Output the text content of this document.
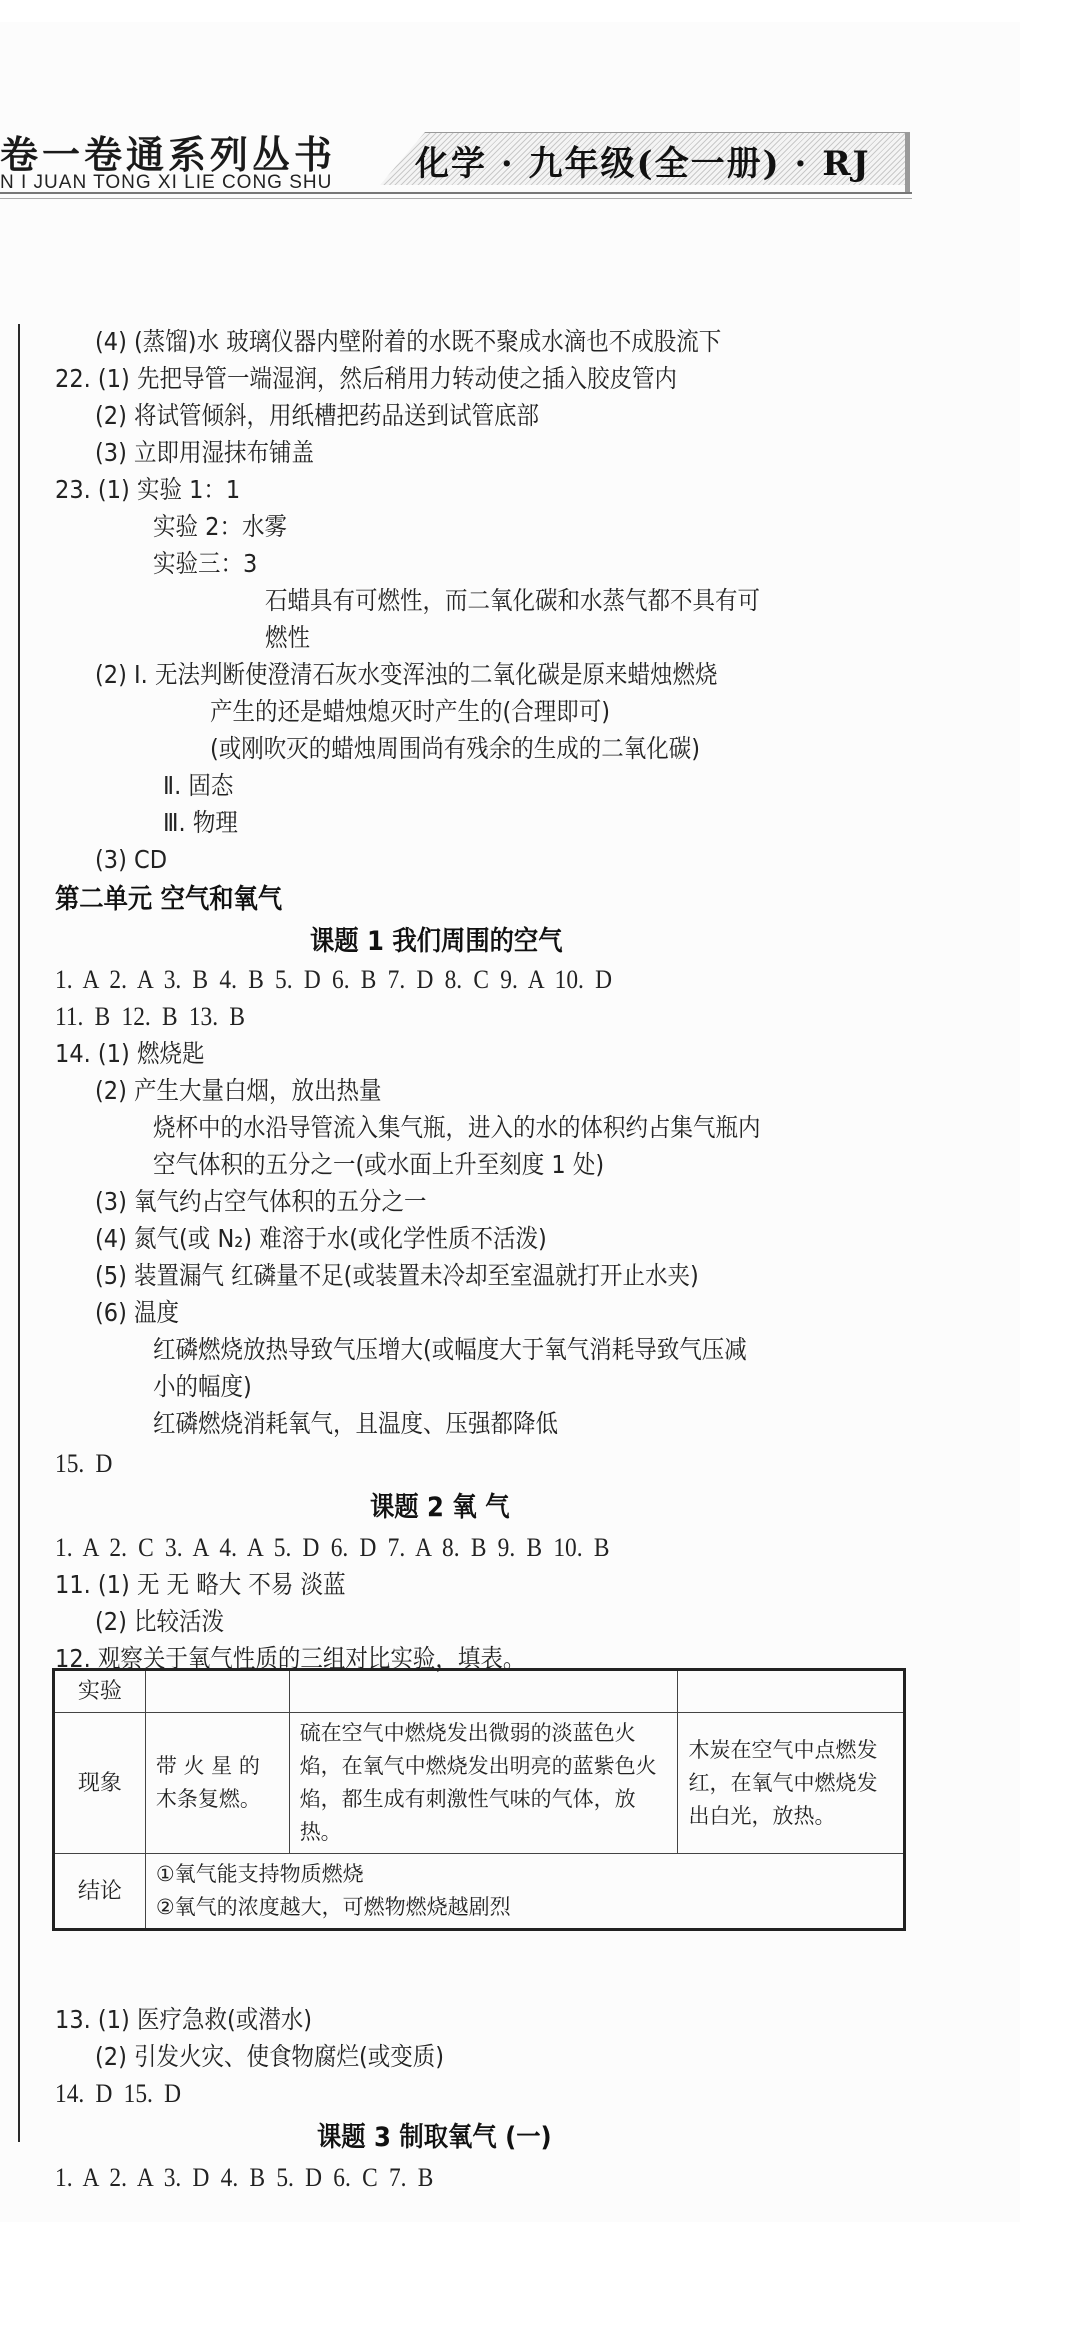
卷一卷通系列丛书
N I JUAN TONG XI LIE CONG SHU 化学 · 九年级(全一册) · RJ
(4) (蒸馏)水 玻璃仪器内壁附着的水既不聚成水滴也不成股流下
22. (1) 先把导管一端湿润，然后稍用力转动使之插入胶皮管内
(2) 将试管倾斜，用纸槽把药品送到试管底部
(3) 立即用湿抹布铺盖
23. (1) 实验 1：1
实验 2：水雾
实验三：3
石蜡具有可燃性，而二氧化碳和水蒸气都不具有可
燃性
(2) Ⅰ. 无法判断使澄清石灰水变浑浊的二氧化碳是原来蜡烛燃烧
产生的还是蜡烛熄灭时产生的(合理即可)
(或刚吹灭的蜡烛周围尚有残余的生成的二氧化碳)
Ⅱ. 固态
Ⅲ. 物理
(3) CD
第二单元 空气和氧气
课题 1 我们周围的空气
1. A 2. A 3. B 4. B 5. D 6. B 7. D 8. C 9. A 10. D
11. B 12. B 13. B
14. (1) 燃烧匙
(2) 产生大量白烟，放出热量
烧杯中的水沿导管流入集气瓶，进入的水的体积约占集气瓶内
空气体积的五分之一(或水面上升至刻度 1 处)
(3) 氧气约占空气体积的五分之一
(4) 氮气(或 N₂) 难溶于水(或化学性质不活泼)
(5) 装置漏气 红磷量不足(或装置未冷却至室温就打开止水夹)
(6) 温度
红磷燃烧放热导致气压增大(或幅度大于氧气消耗导致气压减
小的幅度)
红磷燃烧消耗氧气，且温度、压强都降低
15. D
课题 2 氧 气
1. A 2. C 3. A 4. A 5. D 6. D 7. A 8. B 9. B 10. B
11. (1) 无 无 略大 不易 淡蓝
(2) 比较活泼
12. 观察关于氧气性质的三组对比实验，填表。
实验			
现象	带 火 星 的 木条复燃。	硫在空气中燃烧发出微弱的淡蓝色火焰，在氧气中燃烧发出明亮的蓝紫色火焰，都生成有刺激性气味的气体，放热。	木炭在空气中点燃发红，在氧气中燃烧发出白光，放热。
结论	①氧气能支持物质燃烧
②氧气的浓度越大，可燃物燃烧越剧烈		
13. (1) 医疗急救(或潜水)
(2) 引发火灾、使食物腐烂(或变质)
14. D 15. D
课题 3 制取氧气 (一)
1. A 2. A 3. D 4. B 5. D 6. C 7. B
